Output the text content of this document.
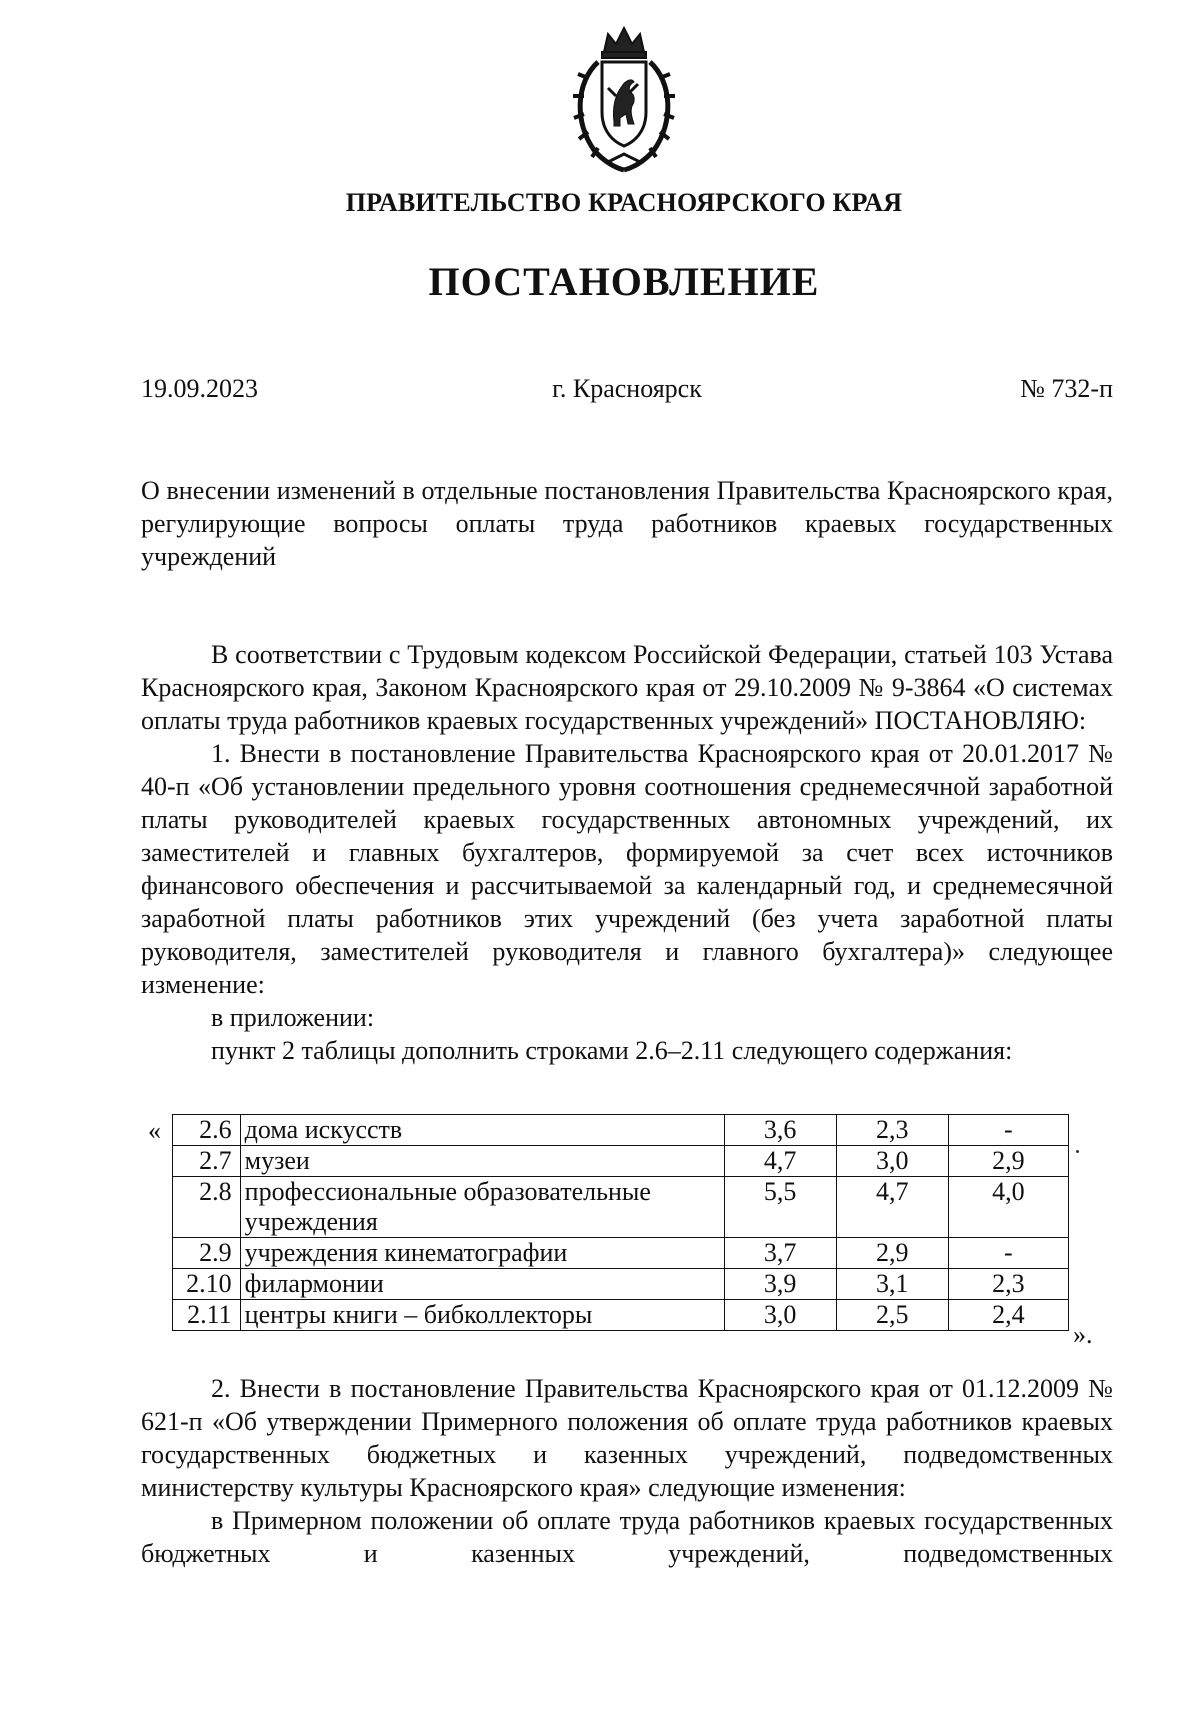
ПРАВИТЕЛЬСТВО КРАСНОЯРСКОГО КРАЯ
ПОСТАНОВЛЕНИЕ
19.09.2023	г. Красноярск	№ 732-п

О внесении изменений в отдельные постановления Правительства Красноярского края, регулирующие вопросы оплаты труда работников краевых государственных учреждений

В соответствии с Трудовым кодексом Российской Федерации, статьей 103 Устава Красноярского края, Законом Красноярского края от 29.10.2009 № 9-3864 «О системах оплаты труда работников краевых государственных учреждений» ПОСТАНОВЛЯЮ:

1. Внести в постановление Правительства Красноярского края от 20.01.2017 № 40-п «Об установлении предельного уровня соотношения среднемесячной заработной платы руководителей краевых государственных автономных учреждений, их заместителей и главных бухгалтеров, формируемой за счет всех источников финансового обеспечения и рассчитываемой за календарный год, и среднемесячной заработной платы работников этих учреждений (без учета заработной платы руководителя, заместителей руководителя и главного бухгалтера)» следующее изменение:

в приложении:

пункт 2 таблицы дополнить строками 2.6–2.11 следующего содержания:

« 2.6	дома искусств	3,6	2,3	-
2.7	музеи	4,7	3,0	2,9
2.8	профессиональные образовательные учреждения	5,5	4,7	4,0
2.9	учреждения кинематографии	3,7	2,9	-
2.10	филармонии	3,9	3,1	2,3
2.11	центры книги – бибколлекторы	3,0	2,5	2,4
».

2. Внести в постановление Правительства Красноярского края от 01.12.2009 № 621-п «Об утверждении Примерного положения об оплате труда работников краевых государственных бюджетных и казенных учреждений, подведомственных министерству культуры Красноярского края» следующие изменения:

в Примерном положении об оплате труда работников краевых государственных бюджетных и казенных учреждений, подведомственных
